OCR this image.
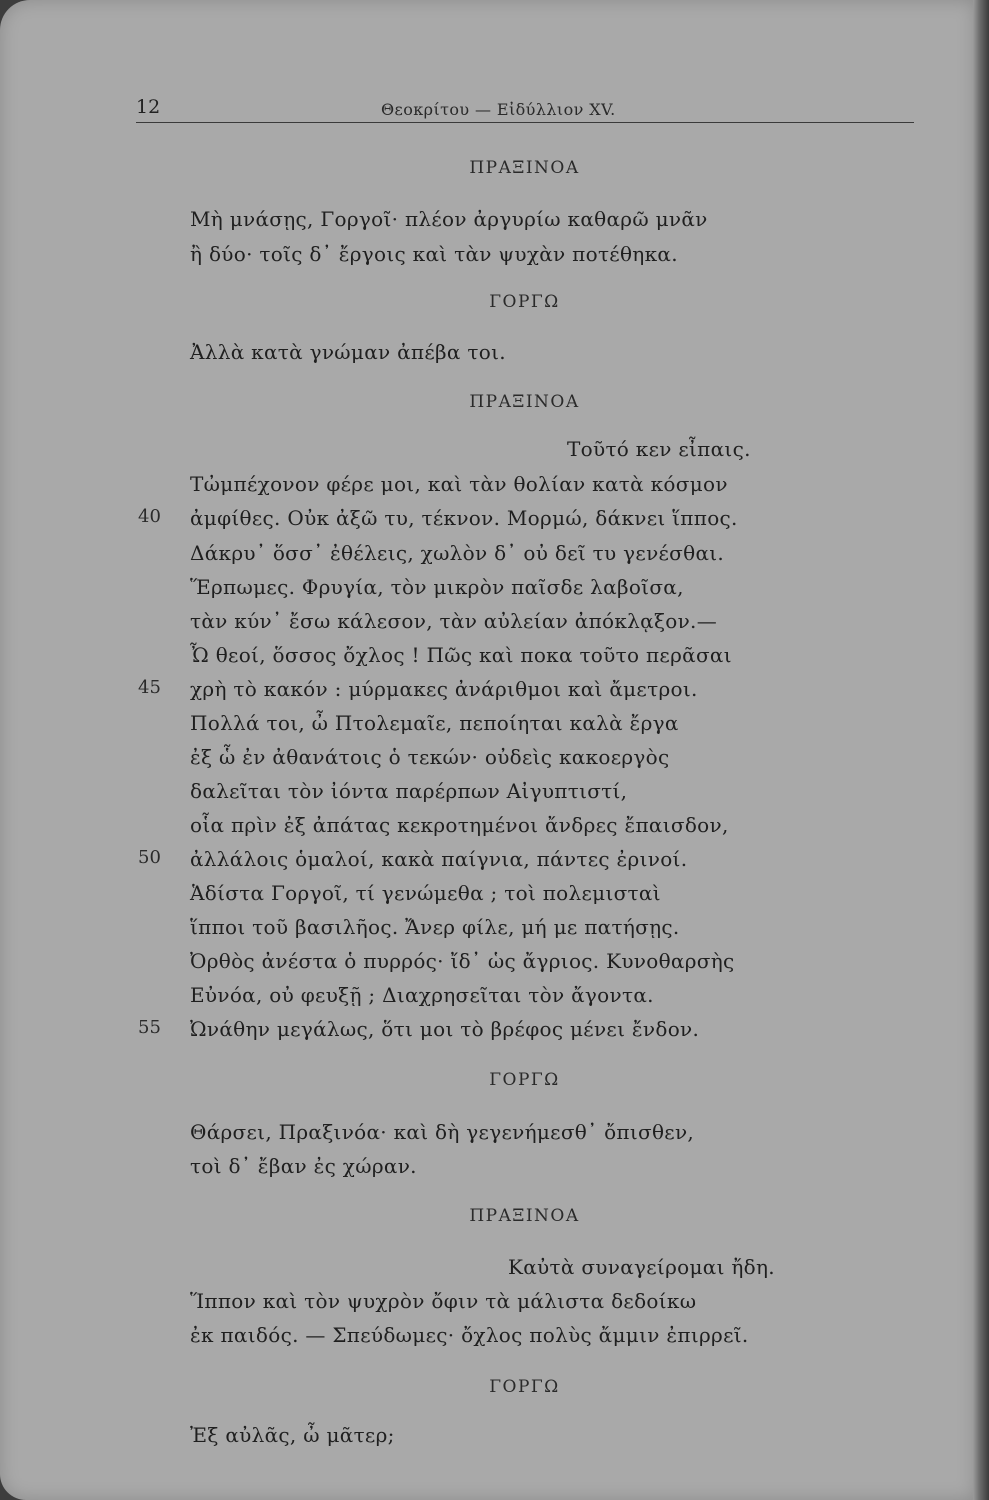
12	Θεοκρίτου — Εἰδύλλιον XV.
ΠΡΑΞΙΝΟΑ
Μὴ μνάσῃς, Γοργοῖ· πλέον ἀργυρίω καθαρῶ μνᾶν
ἢ δύο· τοῖς δ᾽ ἔργοις καὶ τὰν ψυχὰν ποτέθηκα.
ΓΟΡΓΩ
Ἀλλὰ κατὰ γνώμαν ἀπέβα τοι.
ΠΡΑΞΙΝΟΑ
Τοῦτό κεν εἶπαις.
Τὠμπέχονον φέρε μοι, καὶ τὰν θολίαν κατὰ κόσμον
40 ἀμφίθες. Οὐκ ἀξῶ τυ, τέκνον. Μορμώ, δάκνει ἵππος.
Δάκρυ᾽ ὅσσ᾽ ἐθέλεις, χωλὸν δ᾽ οὐ δεῖ τυ γενέσθαι.
Ἕρπωμες. Φρυγία, τὸν μικρὸν παῖσδε λαβοῖσα,
τὰν κύν᾽ ἔσω κάλεσον, τὰν αὐλείαν ἀπόκλᾳξον.—
Ὦ θεοί, ὅσσος ὄχλος ! Πῶς καὶ ποκα τοῦτο περᾶσαι
45 χρὴ τὸ κακόν : μύρμακες ἀνάριθμοι καὶ ἄμετροι.
Πολλά τοι, ὦ Πτολεμαῖε, πεποίηται καλὰ ἔργα
ἐξ ὧ ἐν ἀθανάτοις ὁ τεκών· οὐδεὶς κακοεργὸς
δαλεῖται τὸν ἰόντα παρέρπων Αἰγυπτιστί,
οἷα πρὶν ἐξ ἀπάτας κεκροτημένοι ἄνδρες ἔπαισδον,
50 ἀλλάλοις ὁμαλοί, κακὰ παίγνια, πάντες ἐρινοί.
Ἁδίστα Γοργοῖ, τί γενώμεθα ; τοὶ πολεμισταὶ
ἵπποι τοῦ βασιλῆος. Ἄνερ φίλε, μή με πατήσῃς.
Ὀρθὸς ἀνέστα ὁ πυρρός· ἴδ᾽ ὡς ἄγριος. Κυνοθαρσὴς
Εὐνόα, οὐ φευξῇ ; Διαχρησεῖται τὸν ἄγοντα.
55 Ὠνάθην μεγάλως, ὅτι μοι τὸ βρέφος μένει ἔνδον.
ΓΟΡΓΩ
Θάρσει, Πραξινόα· καὶ δὴ γεγενήμεσθ᾽ ὄπισθεν,
τοὶ δ᾽ ἔβαν ἐς χώραν.
ΠΡΑΞΙΝΟΑ
Καὐτὰ συναγείρομαι ἤδη.
Ἵππον καὶ τὸν ψυχρὸν ὄφιν τὰ μάλιστα δεδοίκω
ἐκ παιδός. — Σπεύδωμες· ὄχλος πολὺς ἄμμιν ἐπιρρεῖ.
ΓΟΡΓΩ
Ἐξ αὐλᾶς, ὦ μᾶτερ;
